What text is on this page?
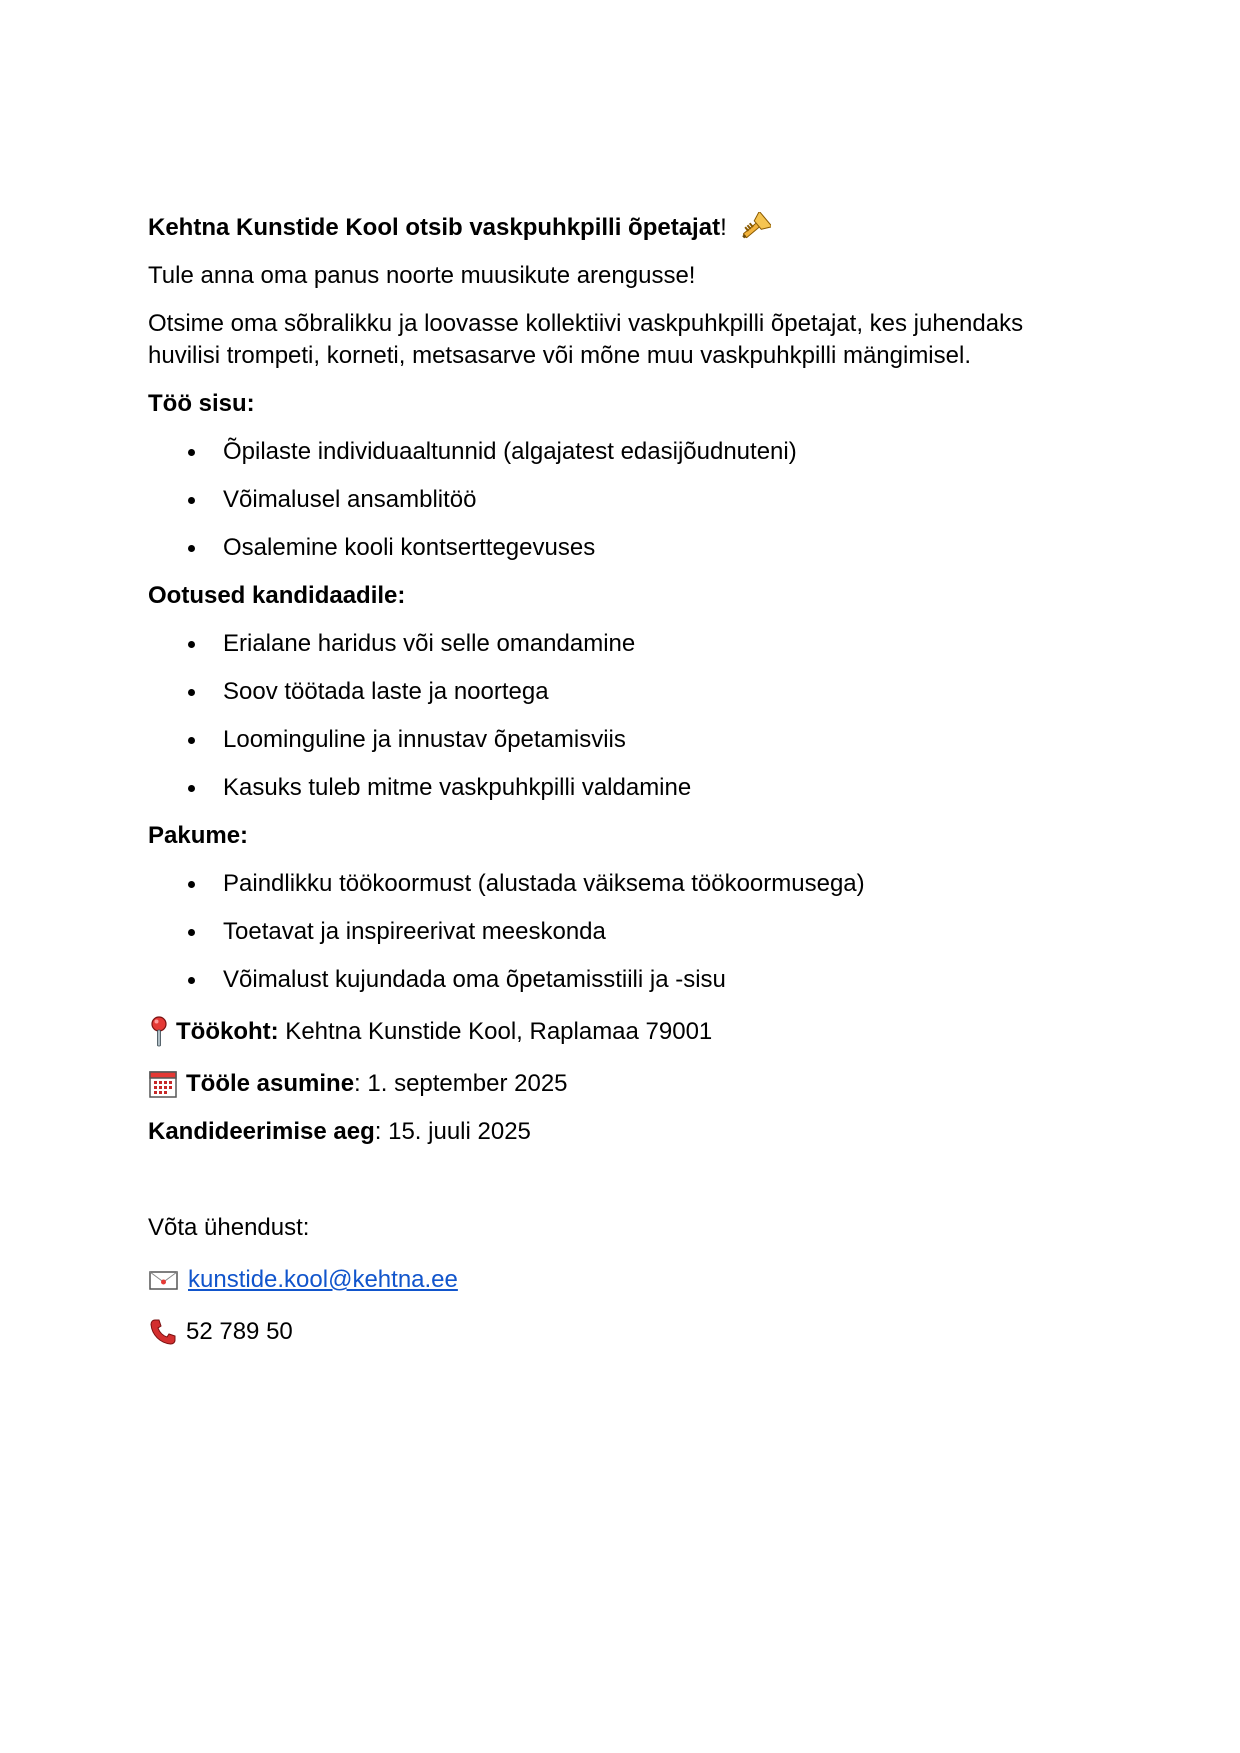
Kehtna Kunstide Kool otsib vaskpuhkpilli õpetajat !

Tule anna oma panus noorte muusikute arengusse!

Otsime oma sõbralikku ja loovasse kollektiivi vaskpuhkpilli õpetajat, kes juhendaks huvilisi trompeti, korneti, metsasarve või mõne muu vaskpuhkpilli mängimisel.

Töö sisu:
Õpilaste individuaaltunnid (algajatest edasijõudnuteni)
Võimalusel ansamblitöö
Osalemine kooli kontserttegevuses
Ootused kandidaadile:
Erialane haridus või selle omandamine
Soov töötada laste ja noortega
Loominguline ja innustav õpetamisviis
Kasuks tuleb mitme vaskpuhkpilli valdamine
Pakume:
Paindlikku töökoormust (alustada väiksema töökoormusega)
Toetavat ja inspireerivat meeskonda
Võimalust kujundada oma õpetamisstiili ja -sisu
Töökoht: Kehtna Kunstide Kool, Raplamaa 79001
Tööle asumine : 1. september 2025
Kandideerimise aeg: 15. juuli 2025

Võta ühendust:

kunstide.kool@kehtna.ee
52 789 50
